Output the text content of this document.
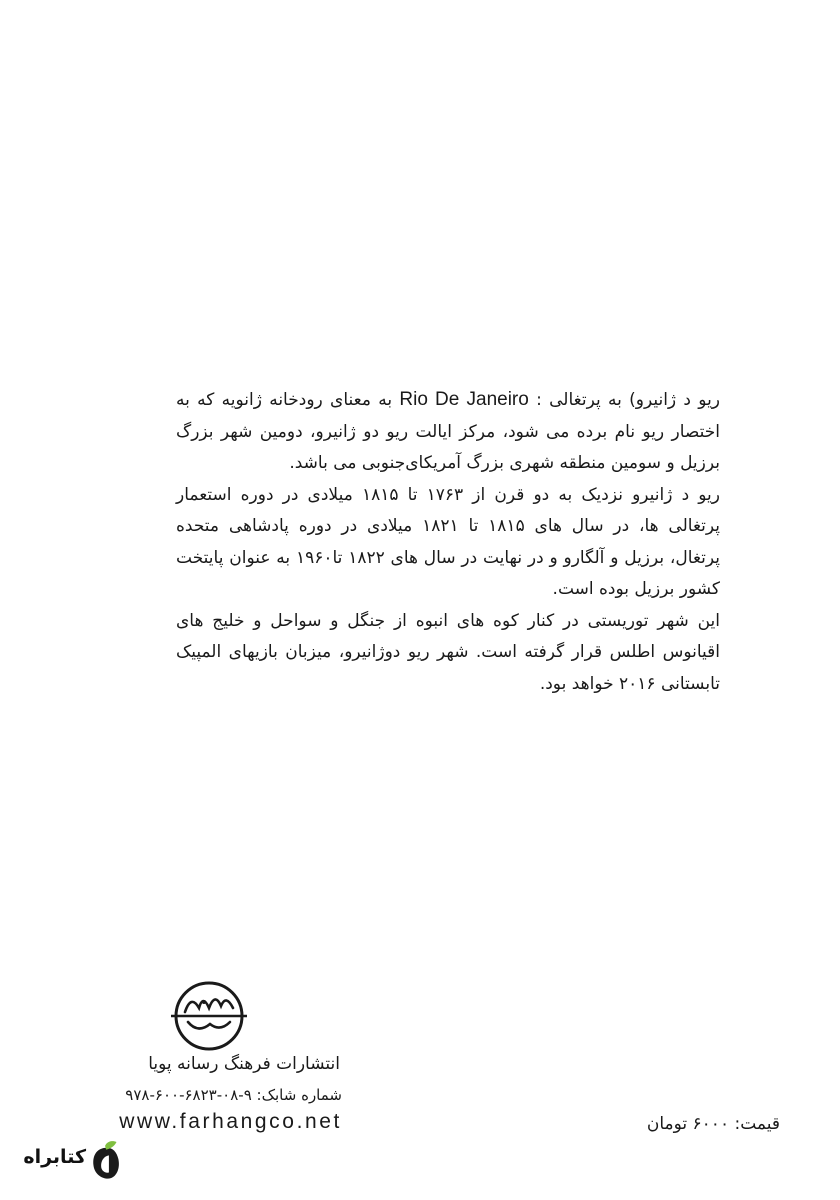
ریو د ژانیرو) به پرتغالی : Rio De Janeiro به معنای رودخانه ژانویه که به اختصار ریو نام برده می شود، مرکز ایالت ریو دو ژانیرو، دومین شهر بزرگ برزیل و سومین منطقه شهری بزرگ آمریکای‌جنوبی می باشد.

ریو د ژانیرو نزدیک به دو قرن از ۱۷۶۳ تا ۱۸۱۵ میلادی در دوره استعمار پرتغالی ها، در سال های ۱۸۱۵ تا ۱۸۲۱ میلادی در دوره پادشاهی متحده پرتغال، برزیل و آلگارو و در نهایت در سال های ۱۸۲۲ تا۱۹۶۰ به عنوان پایتخت کشور برزیل بوده است.

این شهر توریستی در کنار کوه های انبوه از جنگل و سواحل و خلیج های اقیانوس اطلس قرار گرفته است. شهر ریو دوژانیرو، میزبان بازیهای المپیک تابستانی ۲۰۱۶ خواهد بود.

انتشارات فرهنگ رسانه پویا
شماره شابک: ۹-۰۸-۶۸۲۳-۶۰۰-۹۷۸
www.farhangco.net	قیمت: ۶۰۰۰ تومان
کتابراه
